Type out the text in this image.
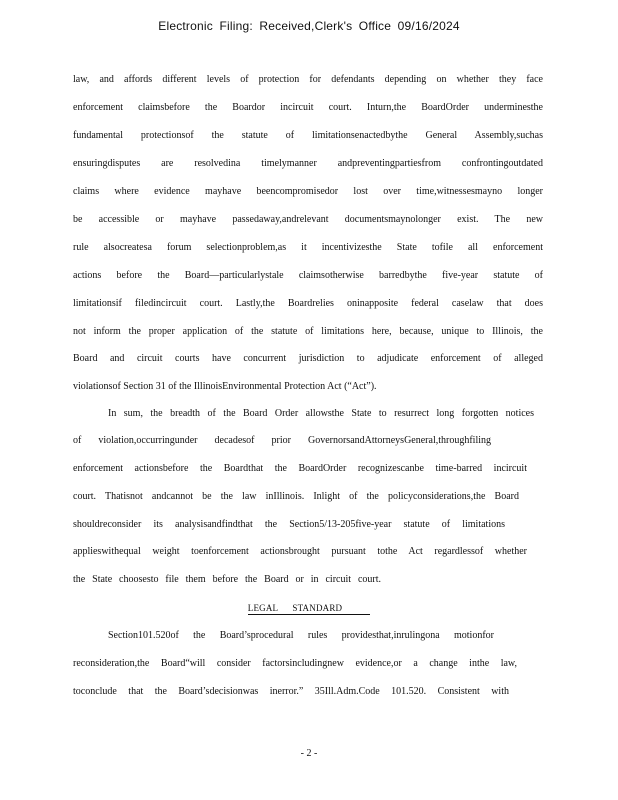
Electronic Filing: Received,Clerk's Office 09/16/2024
law, and affords different levels of protection for defendants depending on whether they face
enforcement claimsbefore the Boardor incircuit court. Inturn,the BoardOrder underminesthe
fundamental protectionsof the statute of limitationsenactedbythe General Assembly,suchas
ensuringdisputes are resolvedina timelymanner andpreventingpartiesfrom confrontingoutdated
claims where evidence mayhave beencompromisedor lost over time,witnessesmayno longer
be accessible or mayhave passedaway,andrelevant documentsmaynolonger exist. The new
rule alsocreatesa forum selectionproblem,as it incentivizesthe State tofile all enforcement
actions before the Board—particularlystale claimsotherwise barredbythe five-year statute of
limitationsif filedincircuit court. Lastly,the Boardrelies oninapposite federal caselaw that does
not inform the proper application of the statute of limitations here, because, unique to Illinois, the
Board and circuit courts have concurrent jurisdiction to adjudicate enforcement of alleged
violationsof Section 31 of the IllinoisEnvironmental Protection Act (“Act”).
In sum, the breadth of the Board Order allowsthe State to resurrect long forgotten notices
of violation,occurringunder decadesof prior GovernorsandAttorneysGeneral,throughfiling
enforcement actionsbefore the Boardthat the BoardOrder recognizescanbe time-barred incircuit
court. Thatisnot andcannot be the law inIllinois. Inlight of the policyconsiderations,the Board
shouldreconsider its analysisandfindthat the Section5/13-205five-year statute of limitations
applieswithequal weight toenforcement actionsbrought pursuant tothe Act regardlessof whether
the State choosesto file them before the Board or in circuit court.
LEGAL STANDARD
Section101.520of the Board’sprocedural rules providesthat,inrulingona motionfor
reconsideration,the Board“will consider factorsincludingnew evidence,or a change inthe law,
toconclude that the Board’sdecisionwas inerror.” 35Ill.Adm.Code 101.520. Consistent with
- 2 -
